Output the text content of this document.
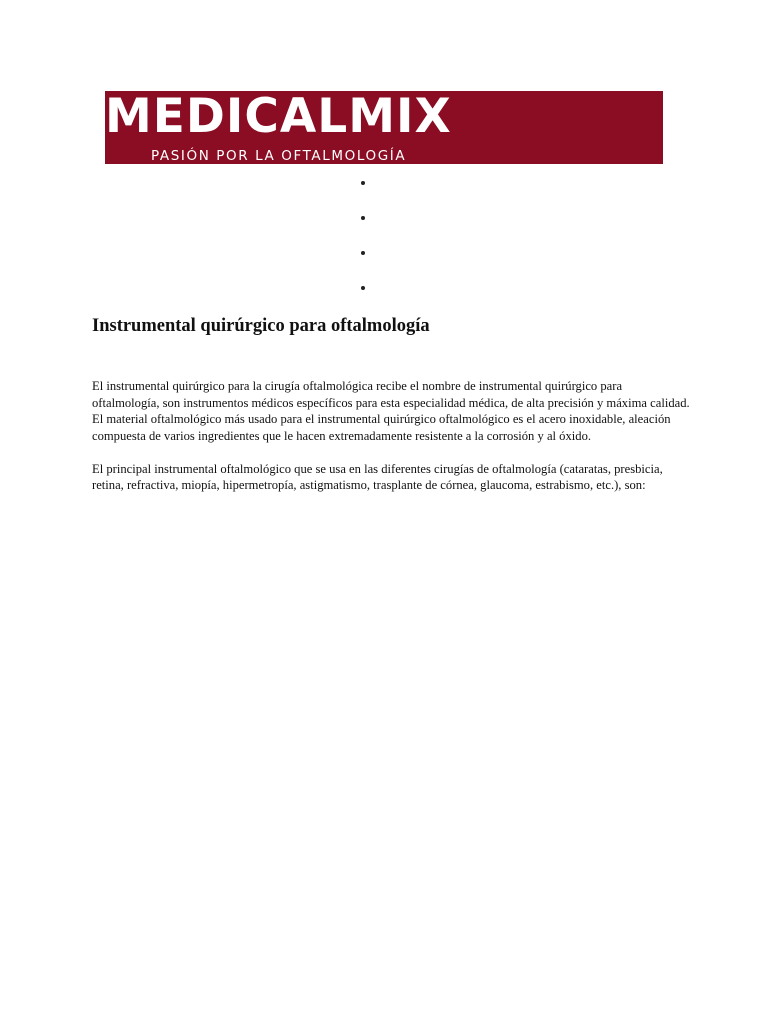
MEDICALMIX
PASIÓN POR LA OFTALMOLOGÍA
Instrumental quirúrgico para oftalmología

El instrumental quirúrgico para la cirugía oftalmológica recibe el nombre de instrumental quirúrgico para oftalmología, son instrumentos médicos específicos para esta especialidad médica, de alta precisión y máxima calidad.

El material oftalmológico más usado para el instrumental quirúrgico oftalmológico es el acero inoxidable, aleación compuesta de varios ingredientes que le hacen extremadamente resistente a la corrosión y al óxido.

El principal instrumental oftalmológico que se usa en las diferentes cirugías de oftalmología (cataratas, presbicia, retina, refractiva, miopía, hipermetropía, astigmatismo, trasplante de córnea, glaucoma, estrabismo, etc.), son:
